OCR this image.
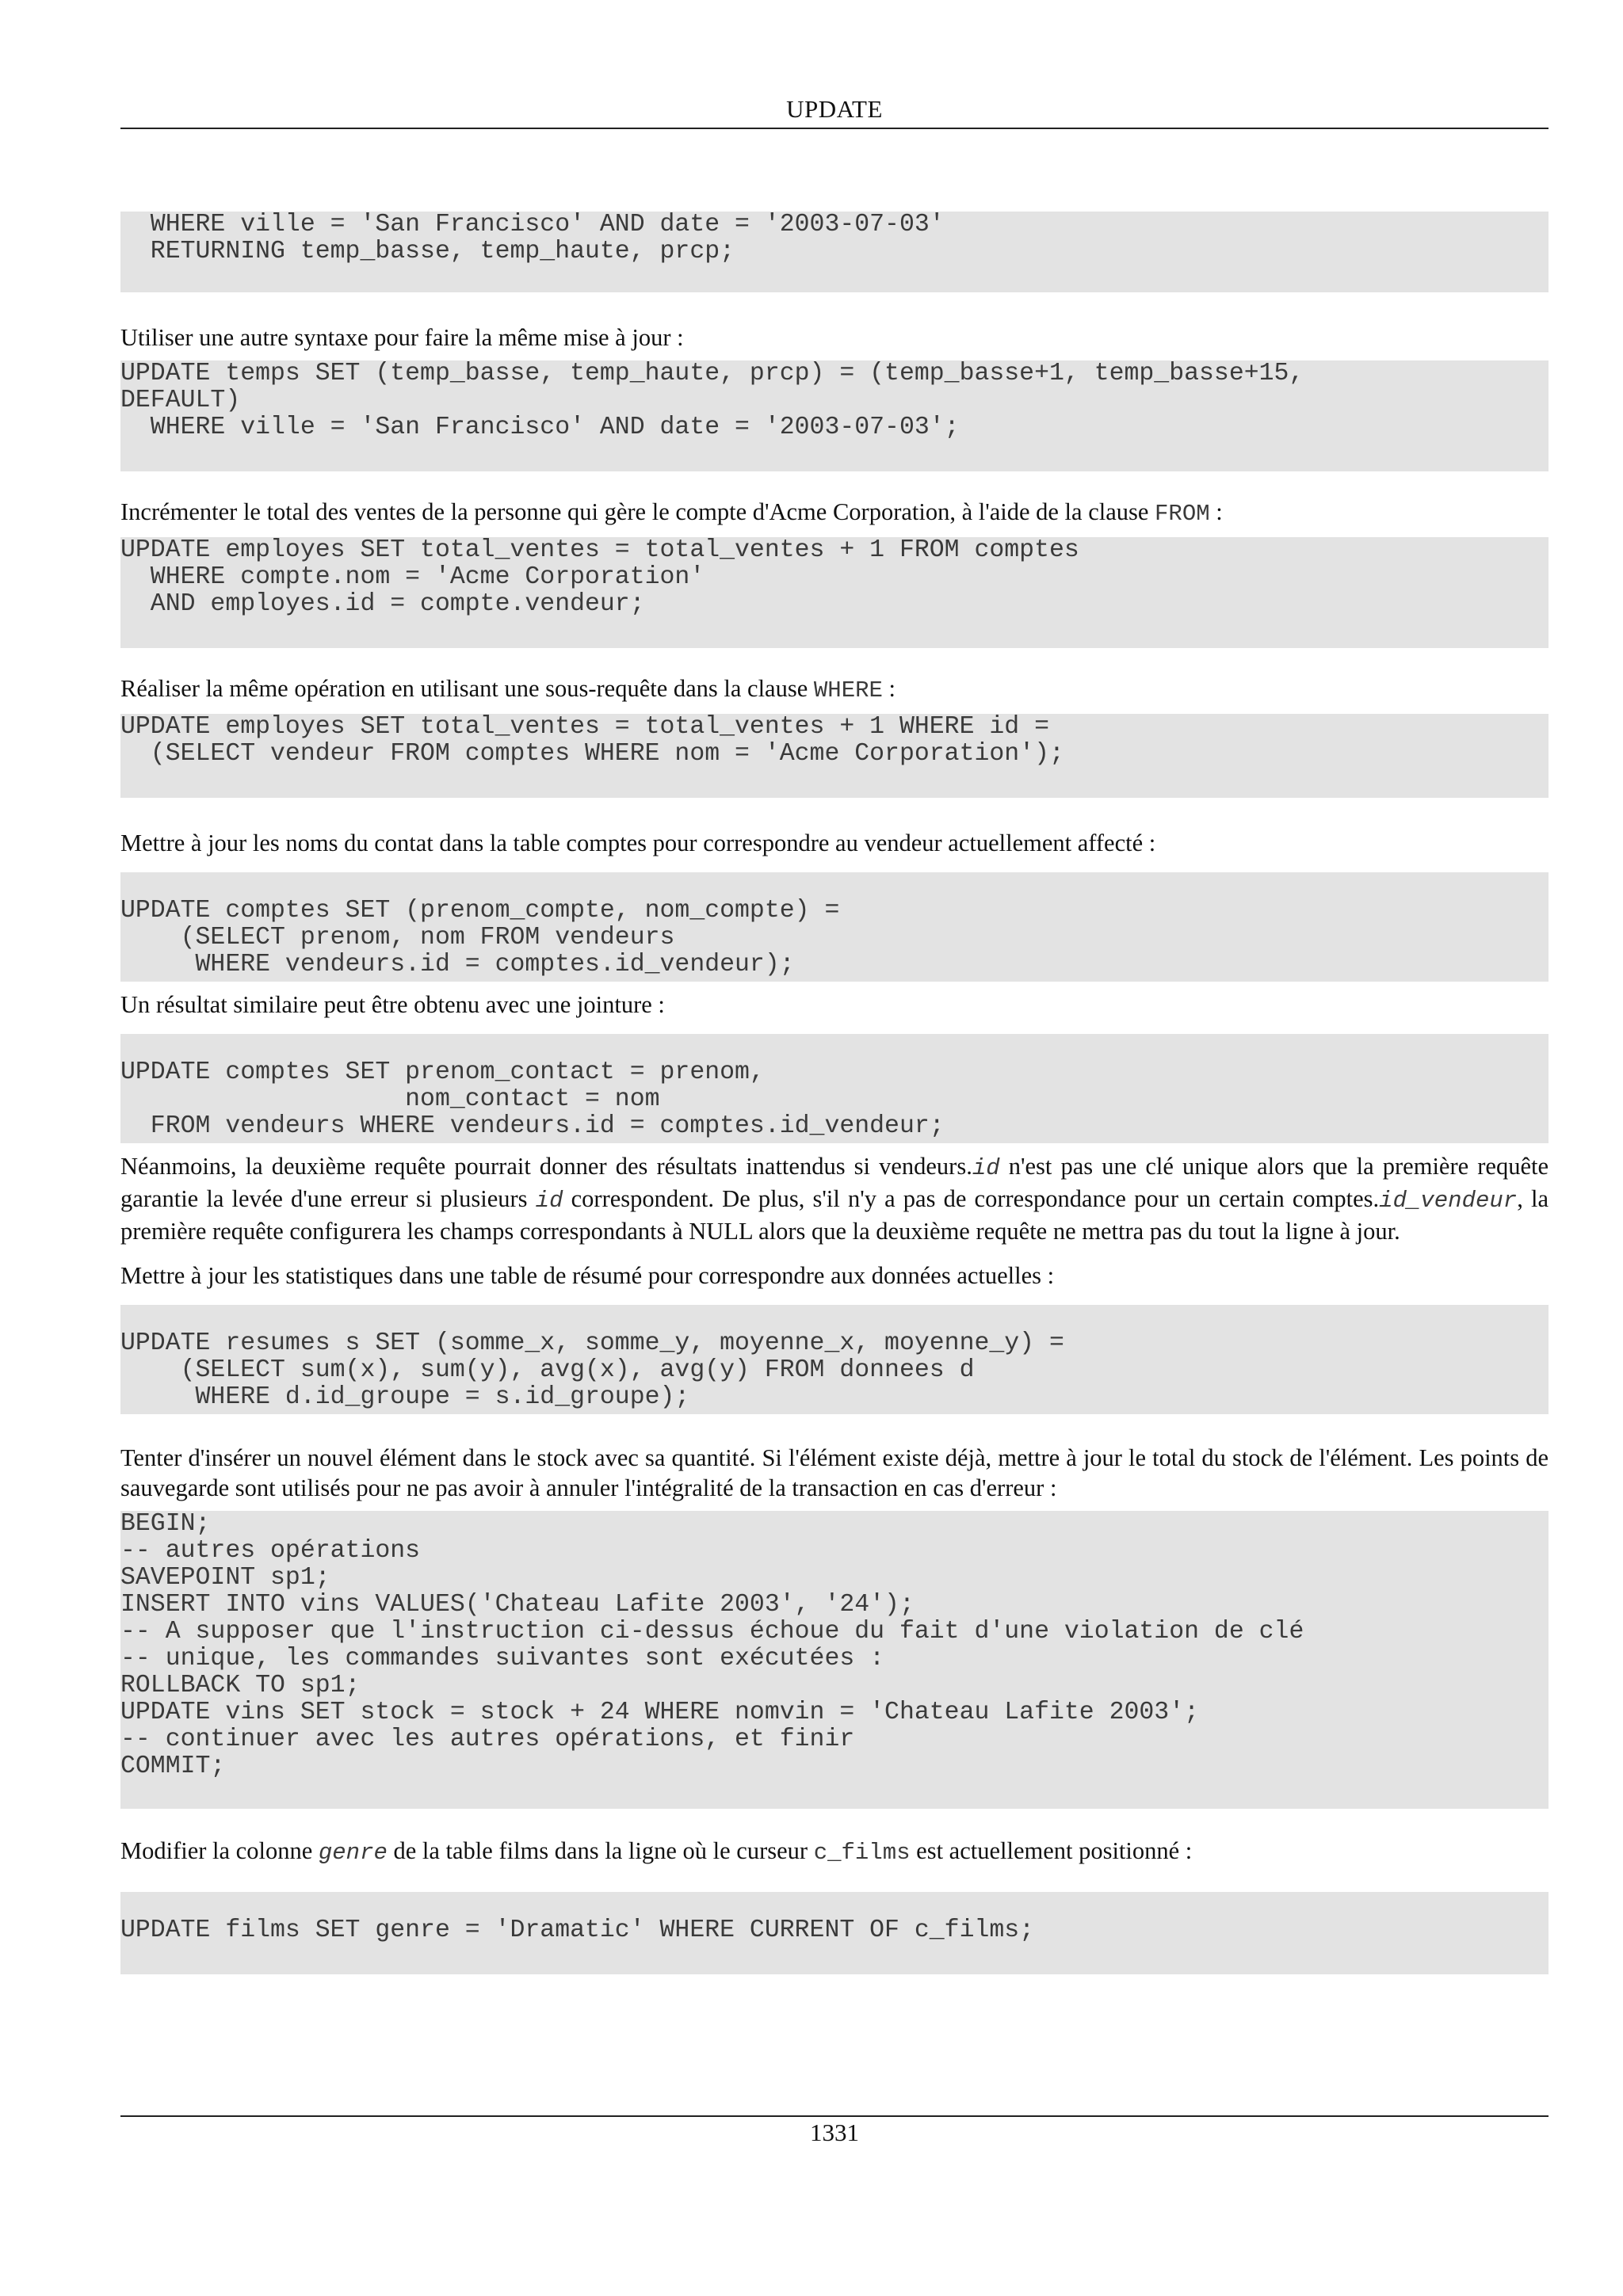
UPDATE
WHERE ville = 'San Francisco' AND date = '2003-07-03'
RETURNING temp_basse, temp_haute, prcp;

Utiliser une autre syntaxe pour faire la même mise à jour :

UPDATE temps SET (temp_basse, temp_haute, prcp) = (temp_basse+1, temp_basse+15,
DEFAULT)
WHERE ville = 'San Francisco' AND date = '2003-07-03';

Incrémenter le total des ventes de la personne qui gère le compte d'Acme Corporation, à l'aide de la clause FROM :

UPDATE employes SET total_ventes = total_ventes + 1 FROM comptes
WHERE compte.nom = 'Acme Corporation'
AND employes.id = compte.vendeur;

Réaliser la même opération en utilisant une sous-requête dans la clause WHERE :

UPDATE employes SET total_ventes = total_ventes + 1 WHERE id =
(SELECT vendeur FROM comptes WHERE nom = 'Acme Corporation');

Mettre à jour les noms du contat dans la table comptes pour correspondre au vendeur actuellement affecté :

UPDATE comptes SET (prenom_compte, nom_compte) =
(SELECT prenom, nom FROM vendeurs
WHERE vendeurs.id = comptes.id_vendeur);

Un résultat similaire peut être obtenu avec une jointure :

UPDATE comptes SET prenom_contact = prenom,
nom_contact = nom
FROM vendeurs WHERE vendeurs.id = comptes.id_vendeur;

Néanmoins, la deuxième requête pourrait donner des résultats inattendus si vendeurs.id n'est pas une clé unique alors que la première requête garantie la levée d'une erreur si plusieurs id correspondent. De plus, s'il n'y a pas de correspondance pour un certain comptes.id_vendeur, la première requête configurera les champs correspondants à NULL alors que la deuxième requête ne mettra pas du tout la ligne à jour.

Mettre à jour les statistiques dans une table de résumé pour correspondre aux données actuelles :

UPDATE resumes s SET (somme_x, somme_y, moyenne_x, moyenne_y) =
(SELECT sum(x), sum(y), avg(x), avg(y) FROM donnees d
WHERE d.id_groupe = s.id_groupe);

Tenter d'insérer un nouvel élément dans le stock avec sa quantité. Si l'élément existe déjà, mettre à jour le total du stock de l'élément. Les points de sauvegarde sont utilisés pour ne pas avoir à annuler l'intégralité de la transaction en cas d'erreur :

BEGIN;
-- autres opérations
SAVEPOINT sp1;
INSERT INTO vins VALUES('Chateau Lafite 2003', '24');
-- A supposer que l'instruction ci-dessus échoue du fait d'une violation de clé
-- unique, les commandes suivantes sont exécutées :
ROLLBACK TO sp1;
UPDATE vins SET stock = stock + 24 WHERE nomvin = 'Chateau Lafite 2003';
-- continuer avec les autres opérations, et finir
COMMIT;

Modifier la colonne genre de la table films dans la ligne où le curseur c_films est actuellement positionné :

UPDATE films SET genre = 'Dramatic' WHERE CURRENT OF c_films;
1331
